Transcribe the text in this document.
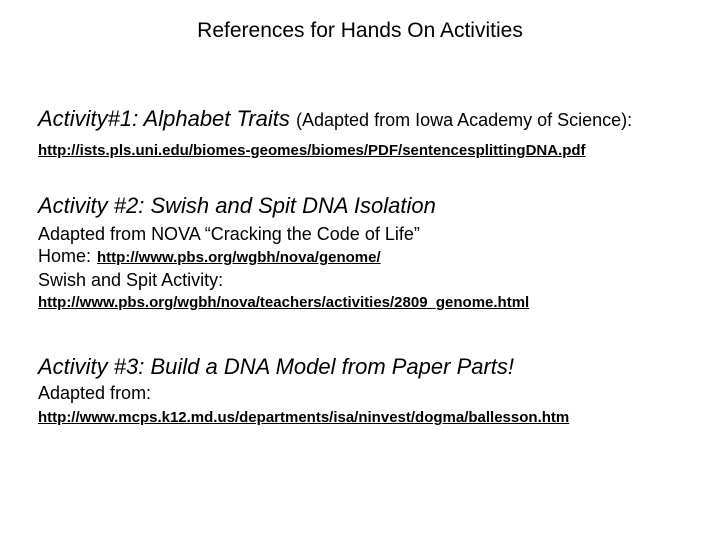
References for Hands On Activities
Activity#1: Alphabet Traits (Adapted from Iowa Academy of Science):
http://ists.pls.uni.edu/biomes-geomes/biomes/PDF/sentencesplittingDNA.pdf
Activity #2: Swish and Spit DNA Isolation
Adapted from NOVA “Cracking the Code of Life”
Home: http://www.pbs.org/wgbh/nova/genome/
Swish and Spit Activity:
http://www.pbs.org/wgbh/nova/teachers/activities/2809_genome.html
Activity #3: Build a DNA Model from Paper Parts!
Adapted from:
http://www.mcps.k12.md.us/departments/isa/ninvest/dogma/ballesson.htm
